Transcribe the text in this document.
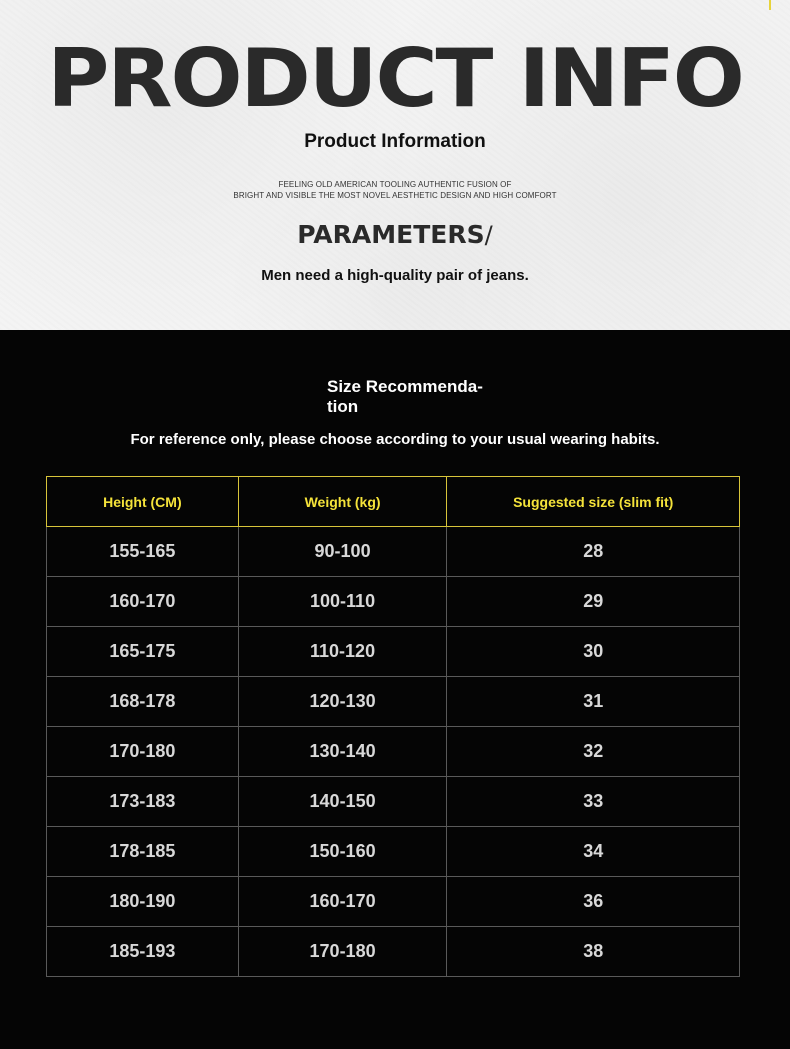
PRODUCT INFO
Product Information
FEELING OLD AMERICAN TOOLING AUTHENTIC FUSION OF
BRIGHT AND VISIBLE THE MOST NOVEL AESTHETIC DESIGN AND HIGH COMFORT
PARAMETERS/
Men need a high-quality pair of jeans.
Size Recommenda-
tion
For reference only, please choose according to your usual wearing habits.
Height (CM)	Weight (kg)	Suggested size (slim fit)
155-165	90-100	28
160-170	100-110	29
165-175	110-120	30
168-178	120-130	31
170-180	130-140	32
173-183	140-150	33
178-185	150-160	34
180-190	160-170	36
185-193	170-180	38
